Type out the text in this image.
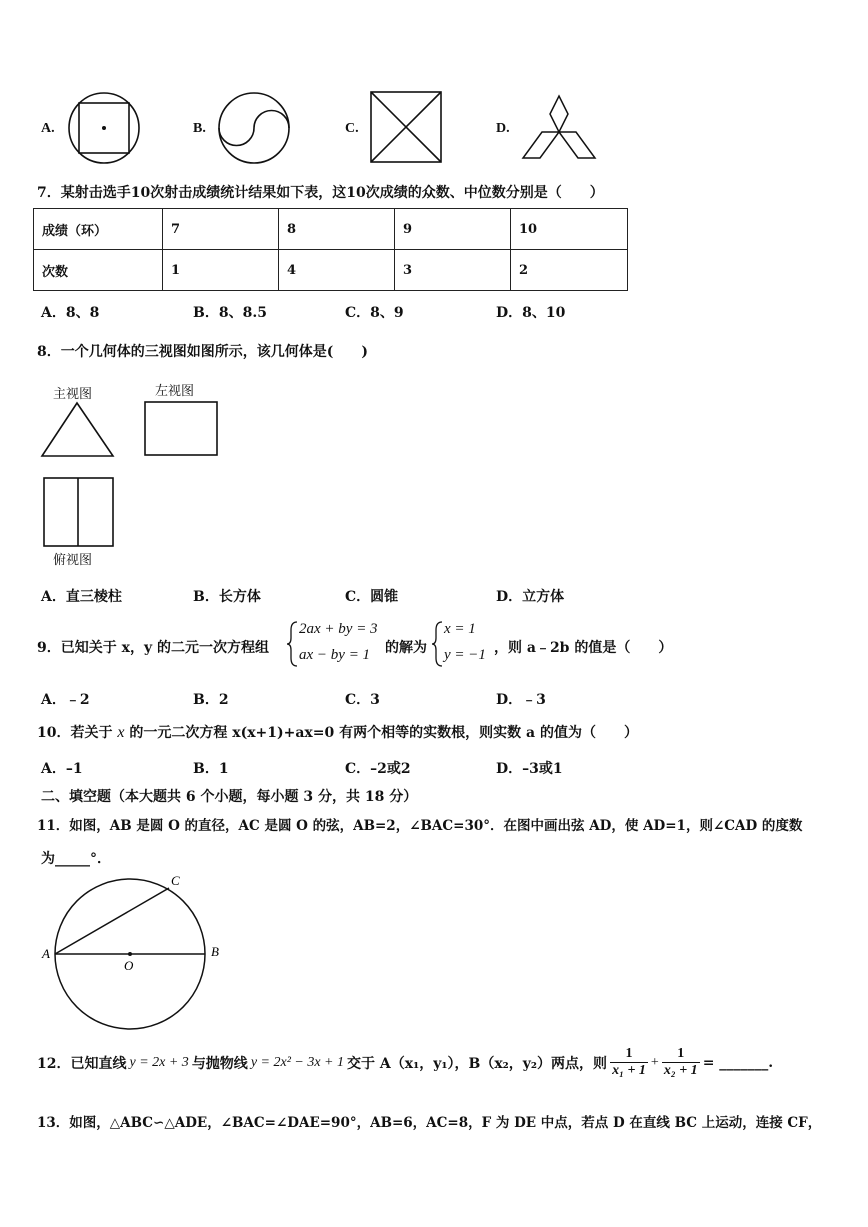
A.	B.	C.	D.
7．某射击选手10次射击成绩统计结果如下表，这10次成绩的众数、中位数分别是（　　）
成绩（环）	7	8	9	10
次数	1	4	3	2
A．8、8	B．8、8.5	C．8、9	D．8、10
8．一个几何体的三视图如图所示，该几何体是(　　)
主视图	左视图
俯视图
A．直三棱柱	B．长方体	C．圆锥	D．立方体
9．已知关于 x，y 的二元一次方程组
2ax + by = 3
ax − by = 1 的解为
x = 1
y = −1 ，则 a﹣2b 的值是（　　）
A．﹣2	B．2	C．3	D．﹣3
10．若关于 x 的一元二次方程 x(x+1)+ax=0 有两个相等的实数根，则实数 a 的值为（　　）
A．–1	B．1	C．–2或2	D．–3或1
二、填空题（本大题共 6 个小题，每小题 3 分，共 18 分）
11．如图，AB 是圆 O 的直径，AC 是圆 O 的弦，AB=2，∠BAC=30°．在图中画出弦 AD，使 AD=1，则∠CAD 的度数
为_____°．
A	B
C
O
12．已知直线 y = 2x + 3 与抛物线 y = 2x² − 3x + 1 交于 A（x₁，y₁），B（x₂，y₂）两点，则 $\frac{1}{\text{x₁ + 1}} + \frac{1}{\text{x₂ + 1}}$ = _______.
13．如图，△ABC∽△ADE，∠BAC=∠DAE=90°，AB=6，AC=8，F 为 DE 中点，若点 D 在直线 BC 上运动，连接 CF，
